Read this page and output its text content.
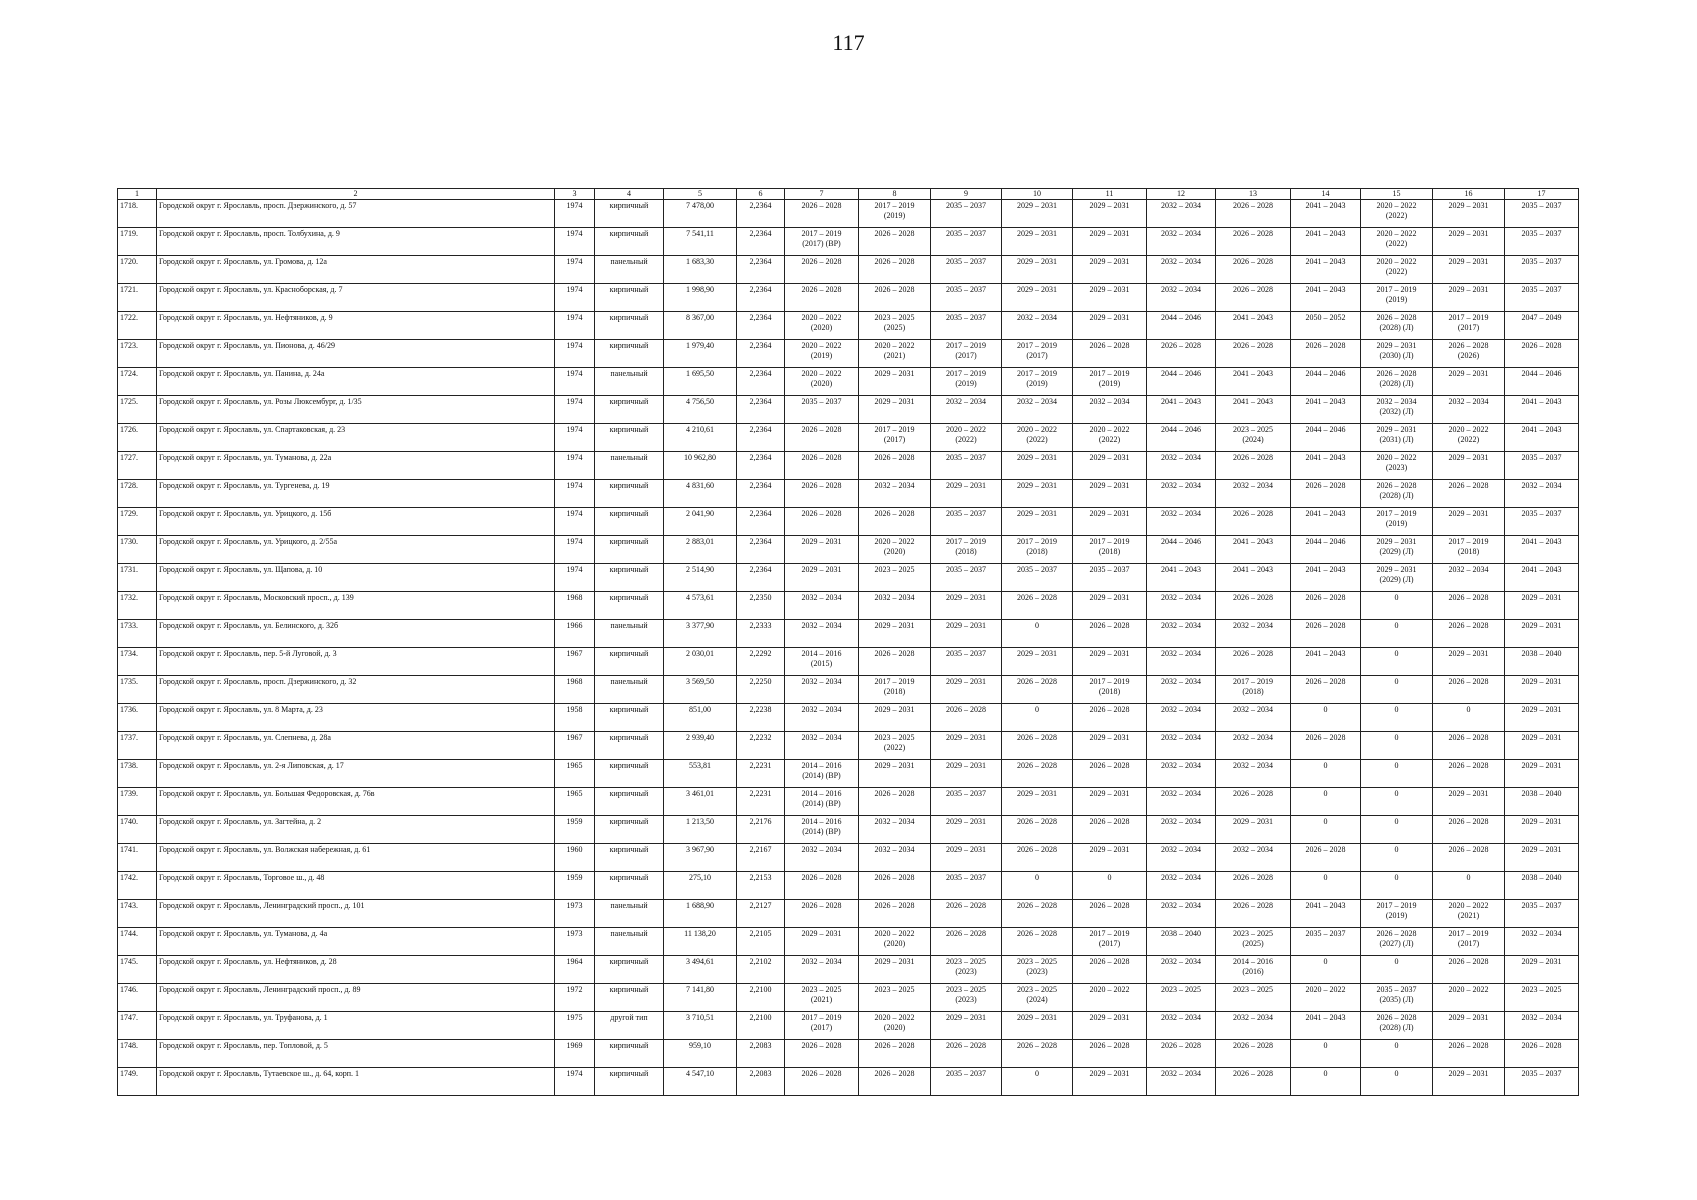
117
1	2	3	4	5	6	7	8	9	10	11	12	13	14	15	16	17
1718.	Городской округ г. Ярославль, просп. Дзержинского, д. 57	1974	кирпичный	7 478,00	2,2364	2026 – 2028	2017 – 2019
(2019)	2035 – 2037	2029 – 2031	2029 – 2031	2032 – 2034	2026 – 2028	2041 – 2043	2020 – 2022
(2022)	2029 – 2031	2035 – 2037
1719.	Городской округ г. Ярославль, просп. Толбухина, д. 9	1974	кирпичный	7 541,11	2,2364	2017 – 2019
(2017) (ВР)	2026 – 2028	2035 – 2037	2029 – 2031	2029 – 2031	2032 – 2034	2026 – 2028	2041 – 2043	2020 – 2022
(2022)	2029 – 2031	2035 – 2037
1720.	Городской округ г. Ярославль, ул. Громова, д. 12а	1974	панельный	1 683,30	2,2364	2026 – 2028	2026 – 2028	2035 – 2037	2029 – 2031	2029 – 2031	2032 – 2034	2026 – 2028	2041 – 2043	2020 – 2022
(2022)	2029 – 2031	2035 – 2037
1721.	Городской округ г. Ярославль, ул. Красноборская, д. 7	1974	кирпичный	1 998,90	2,2364	2026 – 2028	2026 – 2028	2035 – 2037	2029 – 2031	2029 – 2031	2032 – 2034	2026 – 2028	2041 – 2043	2017 – 2019
(2019)	2029 – 2031	2035 – 2037
1722.	Городской округ г. Ярославль, ул. Нефтяников, д. 9	1974	кирпичный	8 367,00	2,2364	2020 – 2022
(2020)	2023 – 2025
(2025)	2035 – 2037	2032 – 2034	2029 – 2031	2044 – 2046	2041 – 2043	2050 – 2052	2026 – 2028
(2028) (Л)	2017 – 2019
(2017)	2047 – 2049
1723.	Городской округ г. Ярославль, ул. Пионова, д. 46/29	1974	кирпичный	1 979,40	2,2364	2020 – 2022
(2019)	2020 – 2022
(2021)	2017 – 2019
(2017)	2017 – 2019
(2017)	2026 – 2028	2026 – 2028	2026 – 2028	2026 – 2028	2029 – 2031
(2030) (Л)	2026 – 2028
(2026)	2026 – 2028
1724.	Городской округ г. Ярославль, ул. Панина, д. 24а	1974	панельный	1 695,50	2,2364	2020 – 2022
(2020)	2029 – 2031	2017 – 2019
(2019)	2017 – 2019
(2019)	2017 – 2019
(2019)	2044 – 2046	2041 – 2043	2044 – 2046	2026 – 2028
(2028) (Л)	2029 – 2031	2044 – 2046
1725.	Городской округ г. Ярославль, ул. Розы Люксембург, д. 1/35	1974	кирпичный	4 756,50	2,2364	2035 – 2037	2029 – 2031	2032 – 2034	2032 – 2034	2032 – 2034	2041 – 2043	2041 – 2043	2041 – 2043	2032 – 2034
(2032) (Л)	2032 – 2034	2041 – 2043
1726.	Городской округ г. Ярославль, ул. Спартаковская, д. 23	1974	кирпичный	4 210,61	2,2364	2026 – 2028	2017 – 2019
(2017)	2020 – 2022
(2022)	2020 – 2022
(2022)	2020 – 2022
(2022)	2044 – 2046	2023 – 2025
(2024)	2044 – 2046	2029 – 2031
(2031) (Л)	2020 – 2022
(2022)	2041 – 2043
1727.	Городской округ г. Ярославль, ул. Туманова, д. 22а	1974	панельный	10 962,80	2,2364	2026 – 2028	2026 – 2028	2035 – 2037	2029 – 2031	2029 – 2031	2032 – 2034	2026 – 2028	2041 – 2043	2020 – 2022
(2023)	2029 – 2031	2035 – 2037
1728.	Городской округ г. Ярославль, ул. Тургенева, д. 19	1974	кирпичный	4 831,60	2,2364	2026 – 2028	2032 – 2034	2029 – 2031	2029 – 2031	2029 – 2031	2032 – 2034	2032 – 2034	2026 – 2028	2026 – 2028
(2028) (Л)	2026 – 2028	2032 – 2034
1729.	Городской округ г. Ярославль, ул. Урицкого, д. 15б	1974	кирпичный	2 041,90	2,2364	2026 – 2028	2026 – 2028	2035 – 2037	2029 – 2031	2029 – 2031	2032 – 2034	2026 – 2028	2041 – 2043	2017 – 2019
(2019)	2029 – 2031	2035 – 2037
1730.	Городской округ г. Ярославль, ул. Урицкого, д. 2/55а	1974	кирпичный	2 883,01	2,2364	2029 – 2031	2020 – 2022
(2020)	2017 – 2019
(2018)	2017 – 2019
(2018)	2017 – 2019
(2018)	2044 – 2046	2041 – 2043	2044 – 2046	2029 – 2031
(2029) (Л)	2017 – 2019
(2018)	2041 – 2043
1731.	Городской округ г. Ярославль, ул. Щапова, д. 10	1974	кирпичный	2 514,90	2,2364	2029 – 2031	2023 – 2025	2035 – 2037	2035 – 2037	2035 – 2037	2041 – 2043	2041 – 2043	2041 – 2043	2029 – 2031
(2029) (Л)	2032 – 2034	2041 – 2043
1732.	Городской округ г. Ярославль, Московский просп., д. 139	1968	кирпичный	4 573,61	2,2350	2032 – 2034	2032 – 2034	2029 – 2031	2026 – 2028	2029 – 2031	2032 – 2034	2026 – 2028	2026 – 2028	0	2026 – 2028	2029 – 2031
1733.	Городской округ г. Ярославль, ул. Белинского, д. 32б	1966	панельный	3 377,90	2,2333	2032 – 2034	2029 – 2031	2029 – 2031	0	2026 – 2028	2032 – 2034	2032 – 2034	2026 – 2028	0	2026 – 2028	2029 – 2031
1734.	Городской округ г. Ярославль, пер. 5-й Луговой, д. 3	1967	кирпичный	2 030,01	2,2292	2014 – 2016
(2015)	2026 – 2028	2035 – 2037	2029 – 2031	2029 – 2031	2032 – 2034	2026 – 2028	2041 – 2043	0	2029 – 2031	2038 – 2040
1735.	Городской округ г. Ярославль, просп. Дзержинского, д. 32	1968	панельный	3 569,50	2,2250	2032 – 2034	2017 – 2019
(2018)	2029 – 2031	2026 – 2028	2017 – 2019
(2018)	2032 – 2034	2017 – 2019
(2018)	2026 – 2028	0	2026 – 2028	2029 – 2031
1736.	Городской округ г. Ярославль, ул. 8 Марта, д. 23	1958	кирпичный	851,00	2,2238	2032 – 2034	2029 – 2031	2026 – 2028	0	2026 – 2028	2032 – 2034	2032 – 2034	0	0	0	2029 – 2031
1737.	Городской округ г. Ярославль, ул. Слепнева, д. 28а	1967	кирпичный	2 939,40	2,2232	2032 – 2034	2023 – 2025
(2022)	2029 – 2031	2026 – 2028	2029 – 2031	2032 – 2034	2032 – 2034	2026 – 2028	0	2026 – 2028	2029 – 2031
1738.	Городской округ г. Ярославль, ул. 2-я Липовская, д. 17	1965	кирпичный	553,81	2,2231	2014 – 2016
(2014) (ВР)	2029 – 2031	2029 – 2031	2026 – 2028	2026 – 2028	2032 – 2034	2032 – 2034	0	0	2026 – 2028	2029 – 2031
1739.	Городской округ г. Ярославль, ул. Большая Федоровская, д. 76в	1965	кирпичный	3 461,01	2,2231	2014 – 2016
(2014) (ВР)	2026 – 2028	2035 – 2037	2029 – 2031	2029 – 2031	2032 – 2034	2026 – 2028	0	0	2029 – 2031	2038 – 2040
1740.	Городской округ г. Ярославль, ул. Загтейна, д. 2	1959	кирпичный	1 213,50	2,2176	2014 – 2016
(2014) (ВР)	2032 – 2034	2029 – 2031	2026 – 2028	2026 – 2028	2032 – 2034	2029 – 2031	0	0	2026 – 2028	2029 – 2031
1741.	Городской округ г. Ярославль, ул. Волжская набережная, д. 61	1960	кирпичный	3 967,90	2,2167	2032 – 2034	2032 – 2034	2029 – 2031	2026 – 2028	2029 – 2031	2032 – 2034	2032 – 2034	2026 – 2028	0	2026 – 2028	2029 – 2031
1742.	Городской округ г. Ярославль, Торговое ш., д. 48	1959	кирпичный	275,10	2,2153	2026 – 2028	2026 – 2028	2035 – 2037	0	0	2032 – 2034	2026 – 2028	0	0	0	2038 – 2040
1743.	Городской округ г. Ярославль, Ленинградский просп., д. 101	1973	панельный	1 688,90	2,2127	2026 – 2028	2026 – 2028	2026 – 2028	2026 – 2028	2026 – 2028	2032 – 2034	2026 – 2028	2041 – 2043	2017 – 2019
(2019)	2020 – 2022
(2021)	2035 – 2037
1744.	Городской округ г. Ярославль, ул. Туманова, д. 4а	1973	панельный	11 138,20	2,2105	2029 – 2031	2020 – 2022
(2020)	2026 – 2028	2026 – 2028	2017 – 2019
(2017)	2038 – 2040	2023 – 2025
(2025)	2035 – 2037	2026 – 2028
(2027) (Л)	2017 – 2019
(2017)	2032 – 2034
1745.	Городской округ г. Ярославль, ул. Нефтяников, д. 28	1964	кирпичный	3 494,61	2,2102	2032 – 2034	2029 – 2031	2023 – 2025
(2023)	2023 – 2025
(2023)	2026 – 2028	2032 – 2034	2014 – 2016
(2016)	0	0	2026 – 2028	2029 – 2031
1746.	Городской округ г. Ярославль, Ленинградский просп., д. 89	1972	кирпичный	7 141,80	2,2100	2023 – 2025
(2021)	2023 – 2025	2023 – 2025
(2023)	2023 – 2025
(2024)	2020 – 2022	2023 – 2025	2023 – 2025	2020 – 2022	2035 – 2037
(2035) (Л)	2020 – 2022	2023 – 2025
1747.	Городской округ г. Ярославль, ул. Труфанова, д. 1	1975	другой тип	3 710,51	2,2100	2017 – 2019
(2017)	2020 – 2022
(2020)	2029 – 2031	2029 – 2031	2029 – 2031	2032 – 2034	2032 – 2034	2041 – 2043	2026 – 2028
(2028) (Л)	2029 – 2031	2032 – 2034
1748.	Городской округ г. Ярославль, пер. Топловой, д. 5	1969	кирпичный	959,10	2,2083	2026 – 2028	2026 – 2028	2026 – 2028	2026 – 2028	2026 – 2028	2026 – 2028	2026 – 2028	0	0	2026 – 2028	2026 – 2028
1749.	Городской округ г. Ярославль, Тутаевское ш., д. 64, корп. 1	1974	кирпичный	4 547,10	2,2083	2026 – 2028	2026 – 2028	2035 – 2037	0	2029 – 2031	2032 – 2034	2026 – 2028	0	0	2029 – 2031	2035 – 2037
